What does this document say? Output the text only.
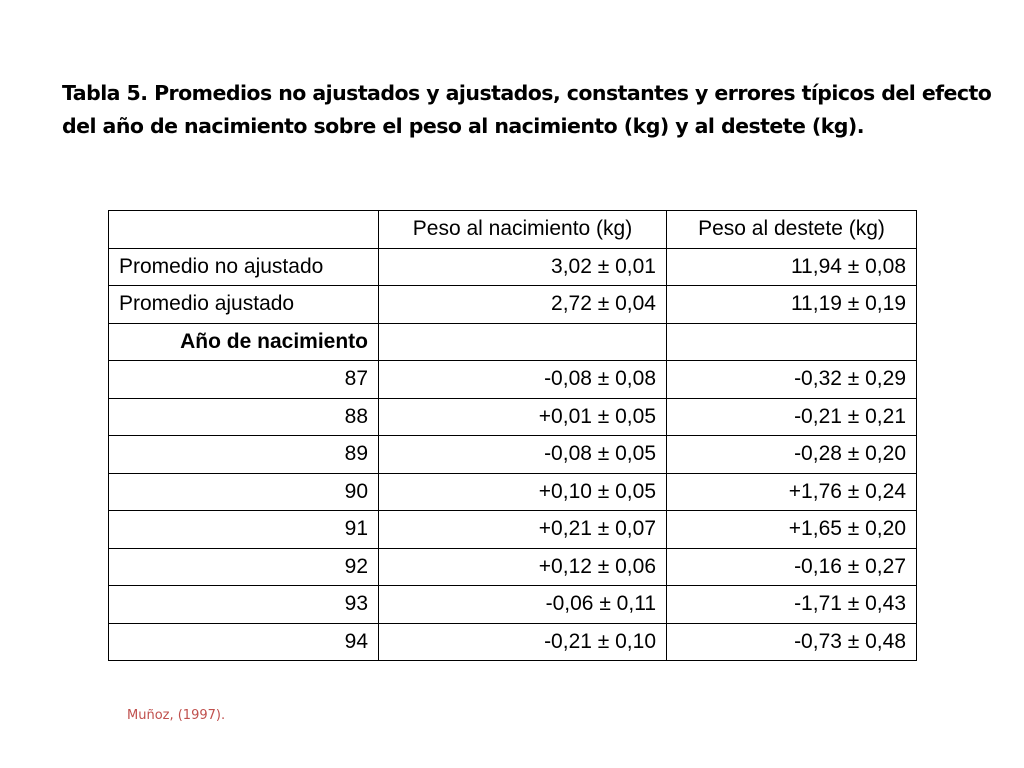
Tabla 5. Promedios no ajustados y ajustados, constantes y errores típicos del efecto
del año de nacimiento sobre el peso al nacimiento (kg) y al destete (kg).

	Peso al nacimiento (kg)	Peso al destete (kg)
Promedio no ajustado	3,02 ± 0,01	11,94 ± 0,08
Promedio ajustado	2,72 ± 0,04	11,19 ± 0,19
Año de nacimiento		
87	-0,08 ± 0,08	-0,32 ± 0,29
88	+0,01 ± 0,05	-0,21 ± 0,21
89	-0,08 ± 0,05	-0,28 ± 0,20
90	+0,10 ± 0,05	+1,76 ± 0,24
91	+0,21 ± 0,07	+1,65 ± 0,20
92	+0,12 ± 0,06	-0,16 ± 0,27
93	-0,06 ± 0,11	-1,71 ± 0,43
94	-0,21 ± 0,10	-0,73 ± 0,48

Muñoz, (1997).
